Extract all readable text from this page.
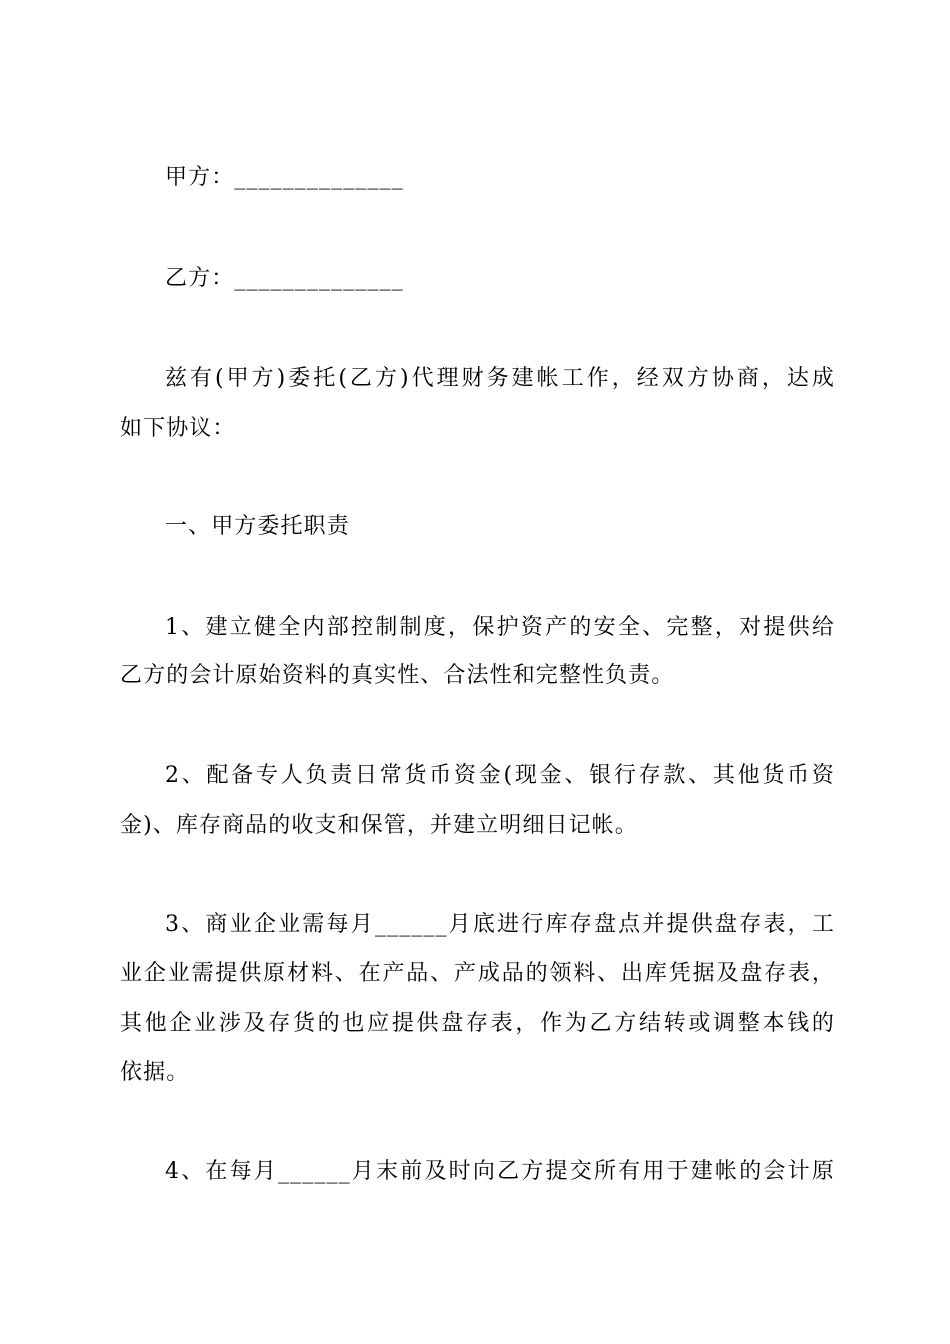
甲方：______________
乙方：______________
兹有(甲方)委托(乙方)代理财务建帐工作，经双方协商，达成
如下协议：
一、甲方委托职责
1、建立健全内部控制制度，保护资产的安全、完整，对提供给
乙方的会计原始资料的真实性、合法性和完整性负责。
2、配备专人负责日常货币资金(现金、银行存款、其他货币资
金)、库存商品的收支和保管，并建立明细日记帐。
3、商业企业需每月______月底进行库存盘点并提供盘存表，工
业企业需提供原材料、在产品、产成品的领料、出库凭据及盘存表，
其他企业涉及存货的也应提供盘存表，作为乙方结转或调整本钱的
依据。
4、在每月______月末前及时向乙方提交所有用于建帐的会计原
